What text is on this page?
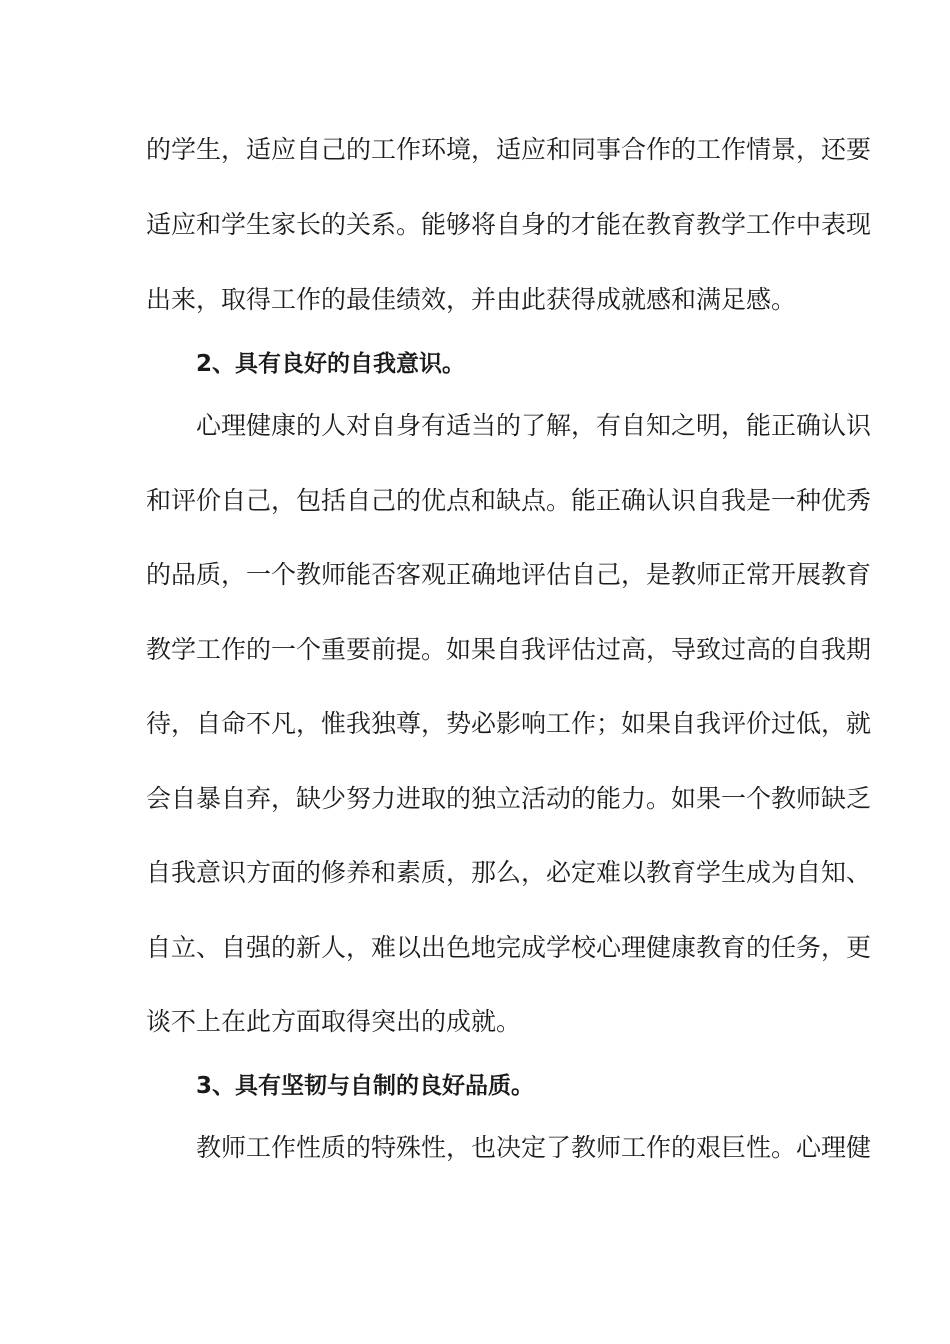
的学生，适应自己的工作环境，适应和同事合作的工作情景，还要
适应和学生家长的关系。能够将自身的才能在教育教学工作中表现
出来，取得工作的最佳绩效，并由此获得成就感和满足感。
2、具有良好的自我意识。
心理健康的人对自身有适当的了解，有自知之明，能正确认识
和评价自己，包括自己的优点和缺点。能正确认识自我是一种优秀
的品质，一个教师能否客观正确地评估自己，是教师正常开展教育
教学工作的一个重要前提。如果自我评估过高，导致过高的自我期
待，自命不凡，惟我独尊，势必影响工作；如果自我评价过低，就
会自暴自弃，缺少努力进取的独立活动的能力。如果一个教师缺乏
自我意识方面的修养和素质，那么，必定难以教育学生成为自知、
自立、自强的新人，难以出色地完成学校心理健康教育的任务，更
谈不上在此方面取得突出的成就。
3、具有坚韧与自制的良好品质。
教师工作性质的特殊性，也决定了教师工作的艰巨性。心理健
